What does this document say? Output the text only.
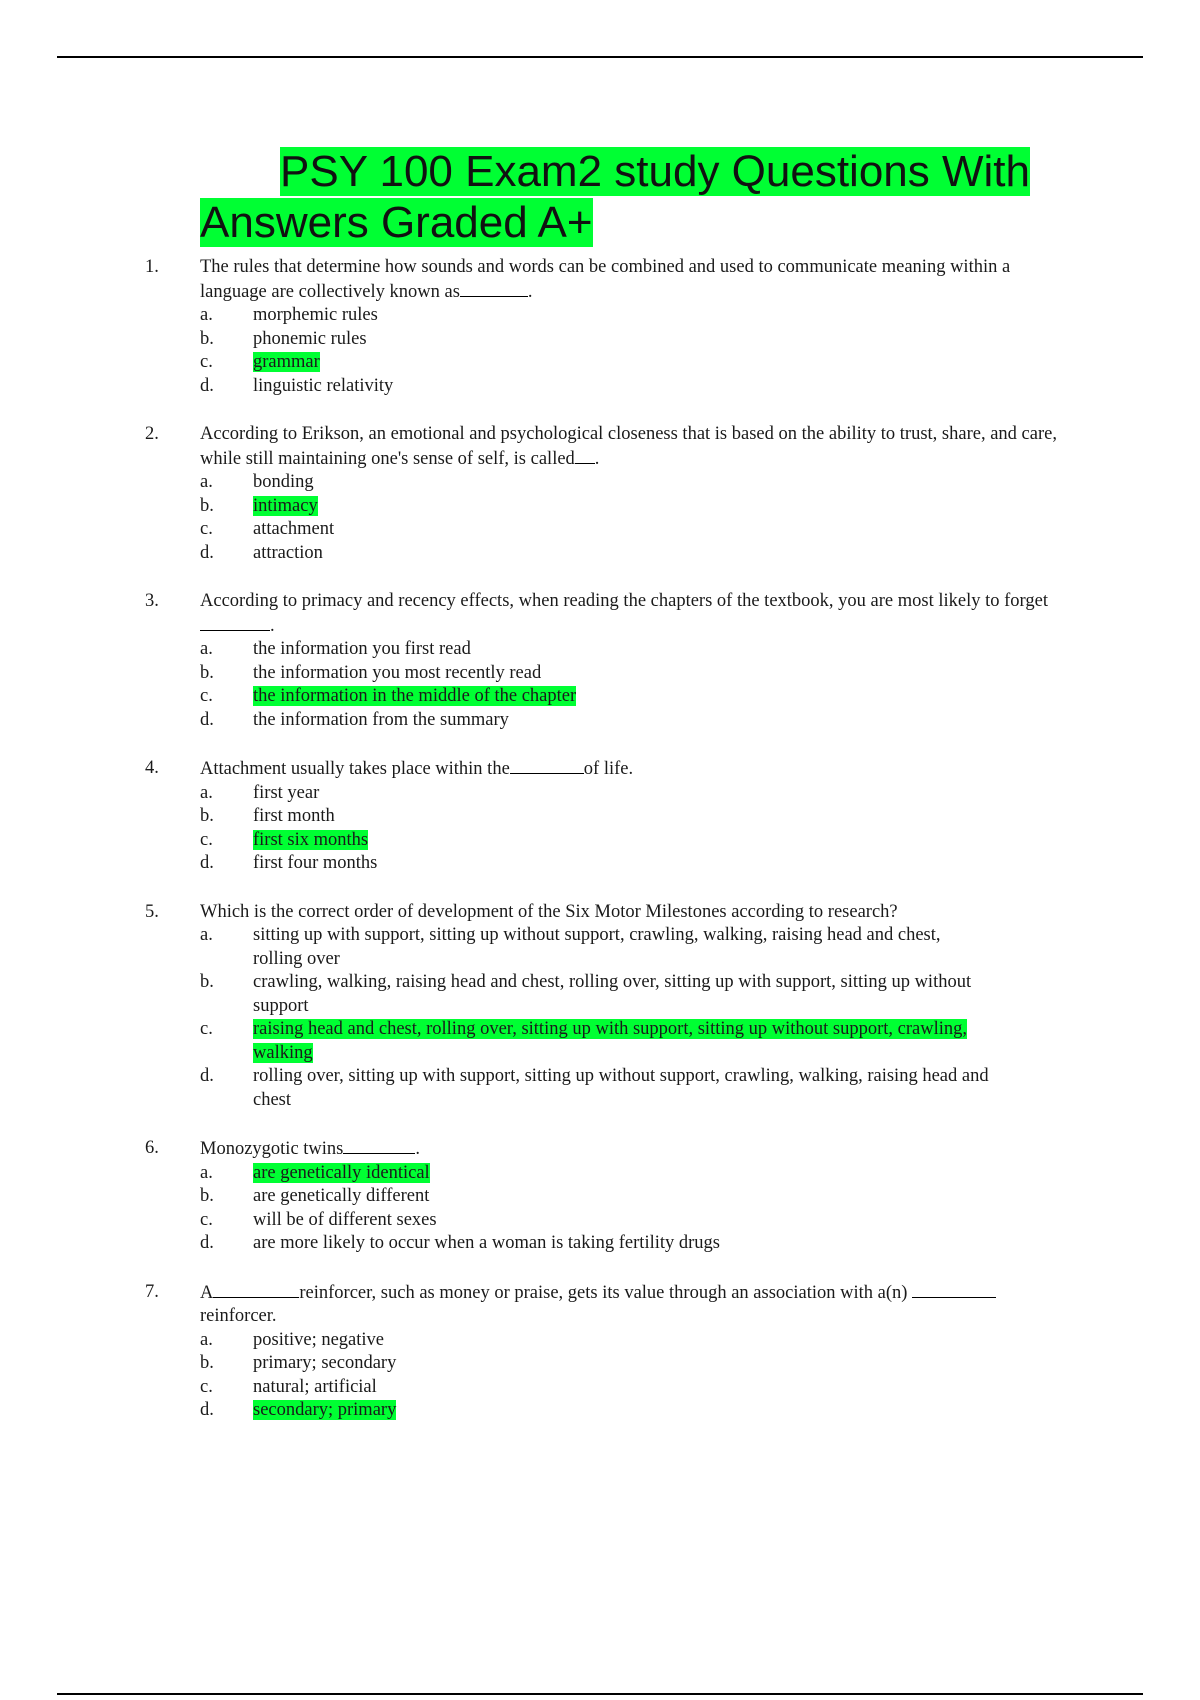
PSY 100 Exam2 study Questions With
Answers Graded A+
1.	The rules that determine how sounds and words can be combined and used to communicate meaning within a language are collectively known as	.
a.	morphemic rules
b.	phonemic rules
c.	grammar
d.	linguistic relativity
2.	According to Erikson, an emotional and psychological closeness that is based on the ability to trust, share, and care, while still maintaining one's sense of self, is called .
a.	bonding
b.	intimacy
c.	attachment
d.	attraction
3.	According to primacy and recency effects, when reading the chapters of the textbook, you are most likely to forget.
a.	the information you first read
b.	the information you most recently read
c.	the information in the middle of the chapter
d.	the information from the summary
4.	Attachment usually takes place within the	of life.
a.	first year
b.	first month
c.	first six months
d.	first four months
5.	Which is the correct order of development of the Six Motor Milestones according to research?
a.	sitting up with support, sitting up without support, crawling, walking, raising head and chest, rolling over
b.	crawling, walking, raising head and chest, rolling over, sitting up with support, sitting up without support
c.	raising head and chest, rolling over, sitting up with support, sitting up without support, crawling, walking
d.	rolling over, sitting up with support, sitting up without support, crawling, walking, raising head and chest
6.	Monozygotic twins	.
a.	are genetically identical
b.	are genetically different
c.	will be of different sexes
d.	are more likely to occur when a woman is taking fertility drugs
7.	A	reinforcer, such as money or praise, gets its value through an association with a(n)  reinforcer.
a.	positive; negative
b.	primary; secondary
c.	natural; artificial
d.	secondary; primary
